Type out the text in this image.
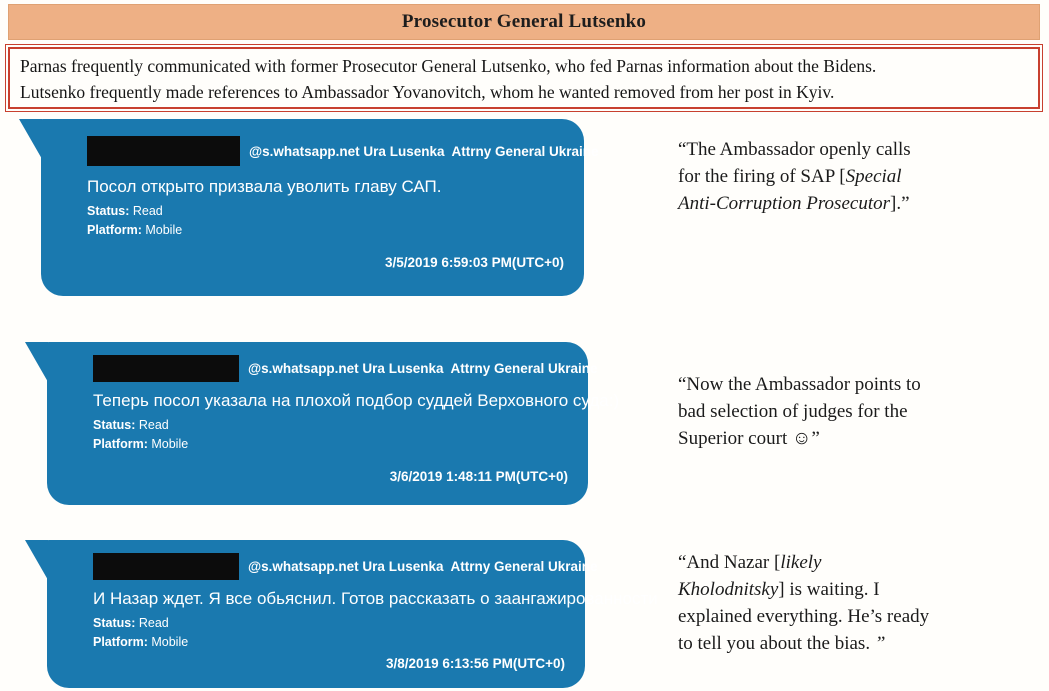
Prosecutor General Lutsenko
Parnas frequently communicated with former Prosecutor General Lutsenko, who fed Parnas information about the Bidens.
Lutsenko frequently made references to Ambassador Yovanovitch, whom he wanted removed from her post in Kyiv.
@s.whatsapp.net Ura Lusenka  Attrny General Ukraine
Посол открыто призвала уволить главу САП.
Status: Read
Platform: Mobile
3/5/2019 6:59:03 PM(UTC+0)
@s.whatsapp.net Ura Lusenka  Attrny General Ukraine
Теперь посол указала на плохой подбор суддей Верховного суда:)
Status: Read
Platform: Mobile
3/6/2019 1:48:11 PM(UTC+0)
@s.whatsapp.net Ura Lusenka  Attrny General Ukraine
И Назар ждет. Я все обьяснил. Готов рассказать о заангажированности
Status: Read
Platform: Mobile
3/8/2019 6:13:56 PM(UTC+0)
“The Ambassador openly calls
for the firing of SAP [Special
Anti-Corruption Prosecutor].”
“Now the Ambassador points to
bad selection of judges for the
Superior court ☺”
“And Nazar [likely
Kholodnitsky] is waiting. I
explained everything. He’s ready
to tell you about the bias. ”
